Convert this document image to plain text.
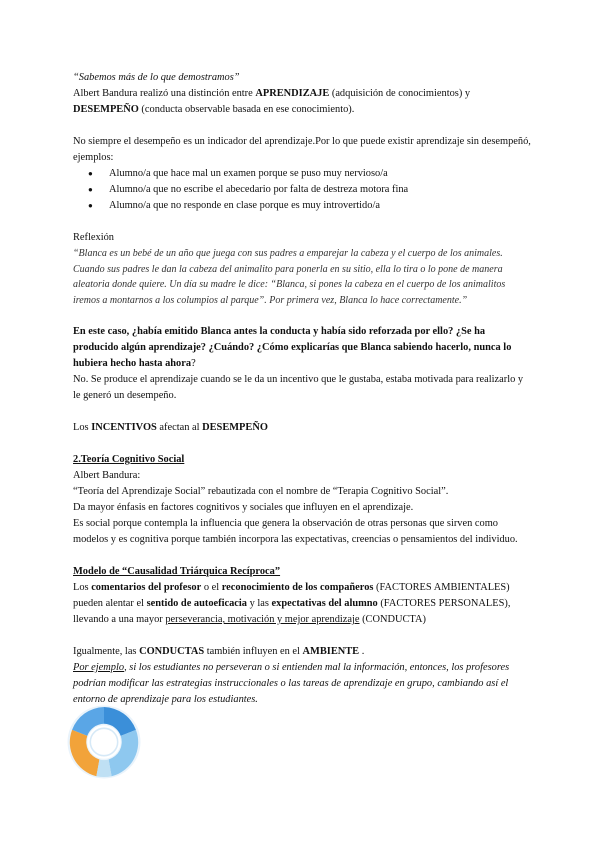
“Sabemos más de lo que demostramos”

Albert Bandura realizó una distinción entre APRENDIZAJE (adquisición de conocimientos) y DESEMPEÑO (conducta observable basada en ese conocimiento).

No siempre el desempeño es un indicador del aprendizaje.Por lo que puede existir aprendizaje sin desempeñó, ejemplos:

● Alumno/a que hace mal un examen porque se puso muy nervioso/a
● Alumno/a que no escribe el abecedario por falta de destreza motora fina
● Alumno/a que no responde en clase porque es muy introvertido/a

Reflexión

“Blanca es un bebé de un año que juega con sus padres a emparejar la cabeza y el cuerpo de los animales. Cuando sus padres le dan la cabeza del animalito para ponerla en su sitio, ella lo tira o lo pone de manera aleatoria donde quiere. Un día su madre le dice: “Blanca, si pones la cabeza en el cuerpo de los animalitos iremos a montarnos a los columpios al parque”. Por primera vez, Blanca lo hace correctamente.”

En este caso, ¿había emitido Blanca antes la conducta y había sido reforzada por ello? ¿Se ha producido algún aprendizaje? ¿Cuándo? ¿Cómo explicarías que Blanca sabiendo hacerlo, nunca lo hubiera hecho hasta ahora?

No. Se produce el aprendizaje cuando se le da un incentivo que le gustaba, estaba motivada para realizarlo y le generó un desempeño.

Los INCENTIVOS afectan al DESEMPEÑO

2.Teoría Cognitivo Social

Albert Bandura:

“Teoría del Aprendizaje Social” rebautizada con el nombre de “Terapia Cognitivo Social”.

Da mayor énfasis en factores cognitivos y sociales que influyen en el aprendizaje.

Es social porque contempla la influencia que genera la observación de otras personas que sirven como modelos y es cognitiva porque también incorpora las expectativas, creencias o pensamientos del individuo.

Modelo de “Causalidad Triárquica Recíproca”

Los comentarios del profesor o el reconocimiento de los compañeros (FACTORES AMBIENTALES) pueden alentar el sentido de autoeficacia y las expectativas del alumno (FACTORES PERSONALES), llevando a una mayor perseverancia, motivación y mejor aprendizaje (CONDUCTA)

Igualmente, las CONDUCTAS también influyen en el AMBIENTE .

Por ejemplo, si los estudiantes no perseveran o si entienden mal la información, entonces, los profesores podrían modificar las estrategias instruccionales o las tareas de aprendizaje en grupo, cambiando así el entorno de aprendizaje para los estudiantes.
